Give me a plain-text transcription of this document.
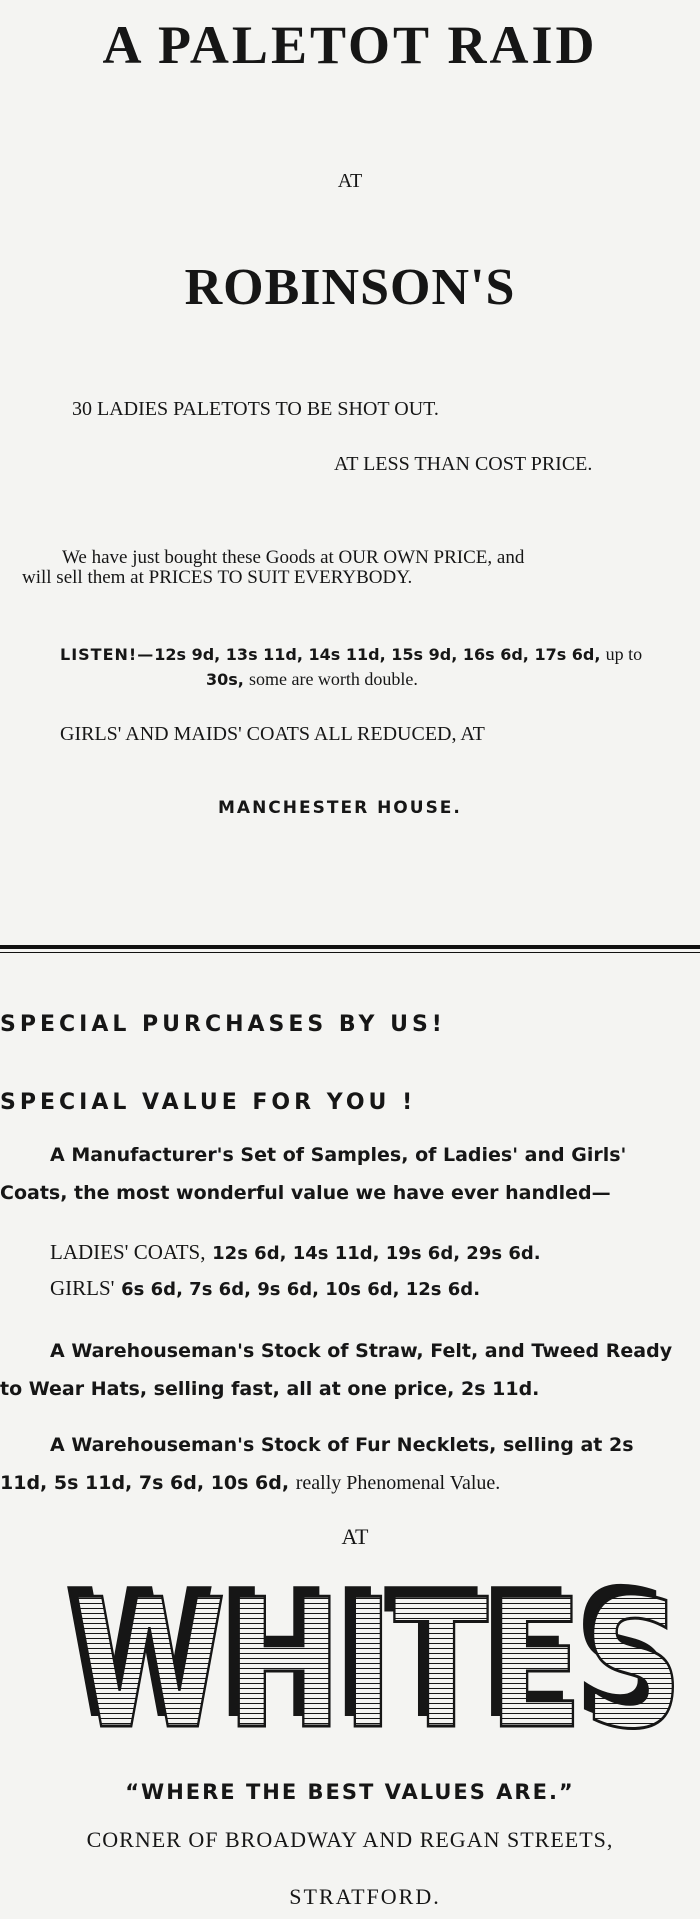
A PALETOT RAID
AT
ROBINSON'S
30 LADIES PALETOTS TO BE SHOT OUT.
AT LESS THAN COST PRICE.
We have just bought these Goods at OUR OWN PRICE, and
will sell them at PRICES TO SUIT EVERYBODY.
LISTEN!—12s 9d, 13s 11d, 14s 11d, 15s 9d, 16s 6d, 17s 6d, up to
30s, some are worth double.
GIRLS' AND MAIDS' COATS ALL REDUCED, AT
MANCHESTER HOUSE.
SPECIAL PURCHASES BY US!
SPECIAL VALUE FOR YOU !
A Manufacturer's Set of Samples, of Ladies' and Girls'
Coats, the most wonderful value we have ever handled—
LADIES' COATS, 12s 6d, 14s 11d, 19s 6d, 29s 6d.
GIRLS' 6s 6d, 7s 6d, 9s 6d, 10s 6d, 12s 6d.
A Warehouseman's Stock of Straw, Felt, and Tweed Ready
to Wear Hats, selling fast, all at one price, 2s 11d.
A Warehouseman's Stock of Fur Necklets, selling at 2s
11d, 5s 11d, 7s 6d, 10s 6d, really Phenomenal Value.
AT
WHITES
WHITES
“WHERE THE BEST VALUES ARE.”
CORNER OF BROADWAY AND REGAN STREETS,
STRATFORD.
